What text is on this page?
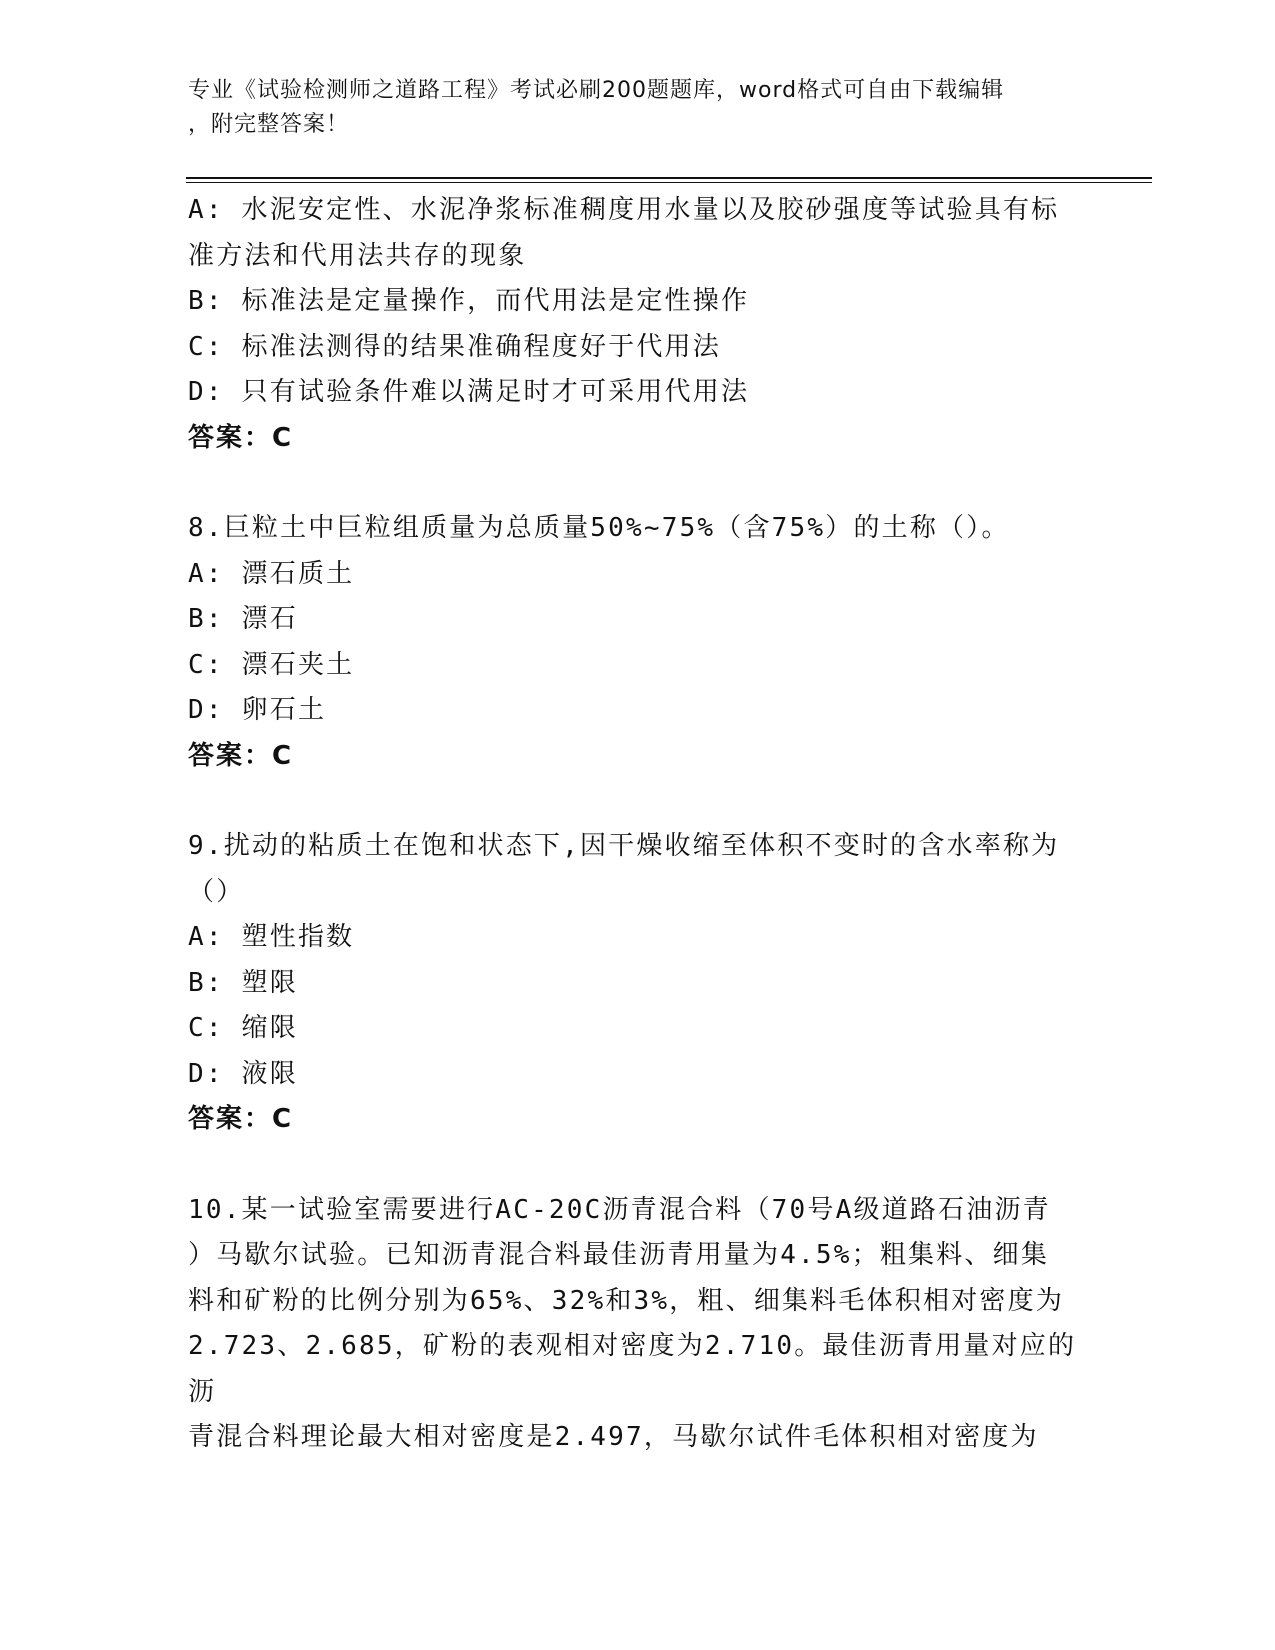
专业《试验检测师之道路工程》考试必刷200题题库，word格式可自由下载编辑
，附完整答案！

A: 水泥安定性、水泥净浆标准稠度用水量以及胶砂强度等试验具有标

准方法和代用法共存的现象

B: 标准法是定量操作，而代用法是定性操作

C: 标准法测得的结果准确程度好于代用法

D: 只有试验条件难以满足时才可采用代用法

答案：C

8.巨粒土中巨粒组质量为总质量50%~75%（含75%）的土称（）。

A: 漂石质土

B: 漂石

C: 漂石夹土

D: 卵石土

答案：C

9.扰动的粘质土在饱和状态下,因干燥收缩至体积不变时的含水率称为

（）

A: 塑性指数

B: 塑限

C: 缩限

D: 液限

答案：C

10.某一试验室需要进行AC-20C沥青混合料（70号A级道路石油沥青

）马歇尔试验。已知沥青混合料最佳沥青用量为4.5%；粗集料、细集

料和矿粉的比例分别为65%、32%和3%，粗、细集料毛体积相对密度为

2.723、2.685，矿粉的表观相对密度为2.710。最佳沥青用量对应的沥

青混合料理论最大相对密度是2.497，马歇尔试件毛体积相对密度为
